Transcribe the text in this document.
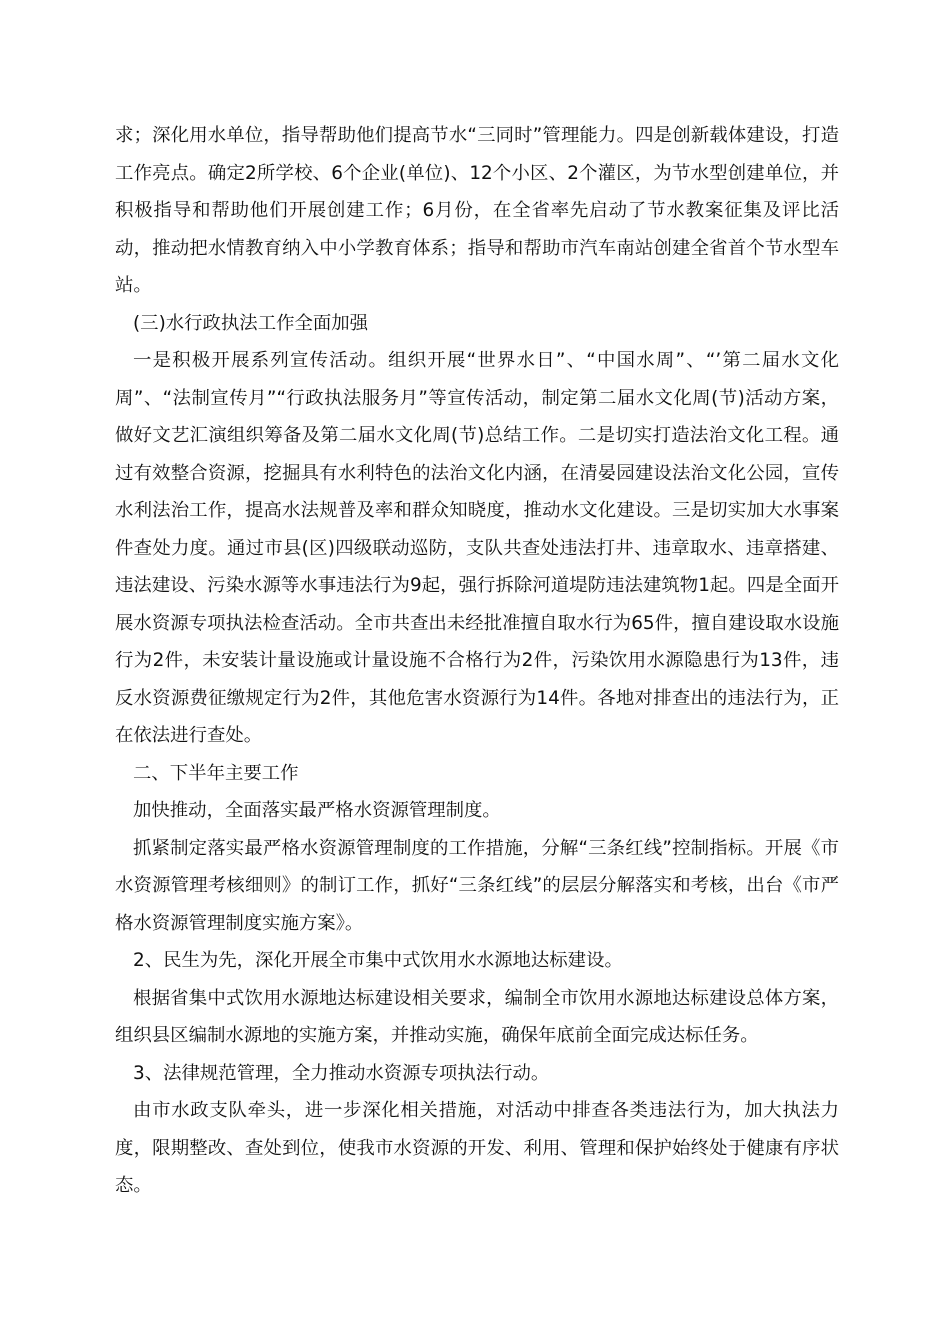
求；深化用水单位，指导帮助他们提高节水“三同时”管理能力。四是创新载体建设，打造工作亮点。确定2所学校、6个企业(单位)、12个小区、2个灌区，为节水型创建单位，并积极指导和帮助他们开展创建工作；6月份，在全省率先启动了节水教案征集及评比活动，推动把水情教育纳入中小学教育体系；指导和帮助市汽车南站创建全省首个节水型车站。

(三)水行政执法工作全面加强

一是积极开展系列宣传活动。组织开展“世界水日”、“中国水周”、“’第二届水文化周”、“法制宣传月”“行政执法服务月”等宣传活动，制定第二届水文化周(节)活动方案，做好文艺汇演组织筹备及第二届水文化周(节)总结工作。二是切实打造法治文化工程。通过有效整合资源，挖掘具有水利特色的法治文化内涵，在清晏园建设法治文化公园，宣传水利法治工作，提高水法规普及率和群众知晓度，推动水文化建设。三是切实加大水事案件查处力度。通过市县(区)四级联动巡防，支队共查处违法打井、违章取水、违章搭建、违法建设、污染水源等水事违法行为9起，强行拆除河道堤防违法建筑物1起。四是全面开展水资源专项执法检查活动。全市共查出未经批准擅自取水行为65件，擅自建设取水设施行为2件，未安装计量设施或计量设施不合格行为2件，污染饮用水源隐患行为13件，违反水资源费征缴规定行为2件，其他危害水资源行为14件。各地对排查出的违法行为，正在依法进行查处。

二、下半年主要工作

加快推动，全面落实最严格水资源管理制度。

抓紧制定落实最严格水资源管理制度的工作措施，分解“三条红线”控制指标。开展《市水资源管理考核细则》的制订工作，抓好“三条红线”的层层分解落实和考核，出台《市严格水资源管理制度实施方案》。

2、民生为先，深化开展全市集中式饮用水水源地达标建设。

根据省集中式饮用水源地达标建设相关要求，编制全市饮用水源地达标建设总体方案，组织县区编制水源地的实施方案，并推动实施，确保年底前全面完成达标任务。

3、法律规范管理，全力推动水资源专项执法行动。

由市水政支队牵头，进一步深化相关措施，对活动中排查各类违法行为，加大执法力度，限期整改、查处到位，使我市水资源的开发、利用、管理和保护始终处于健康有序状态。
